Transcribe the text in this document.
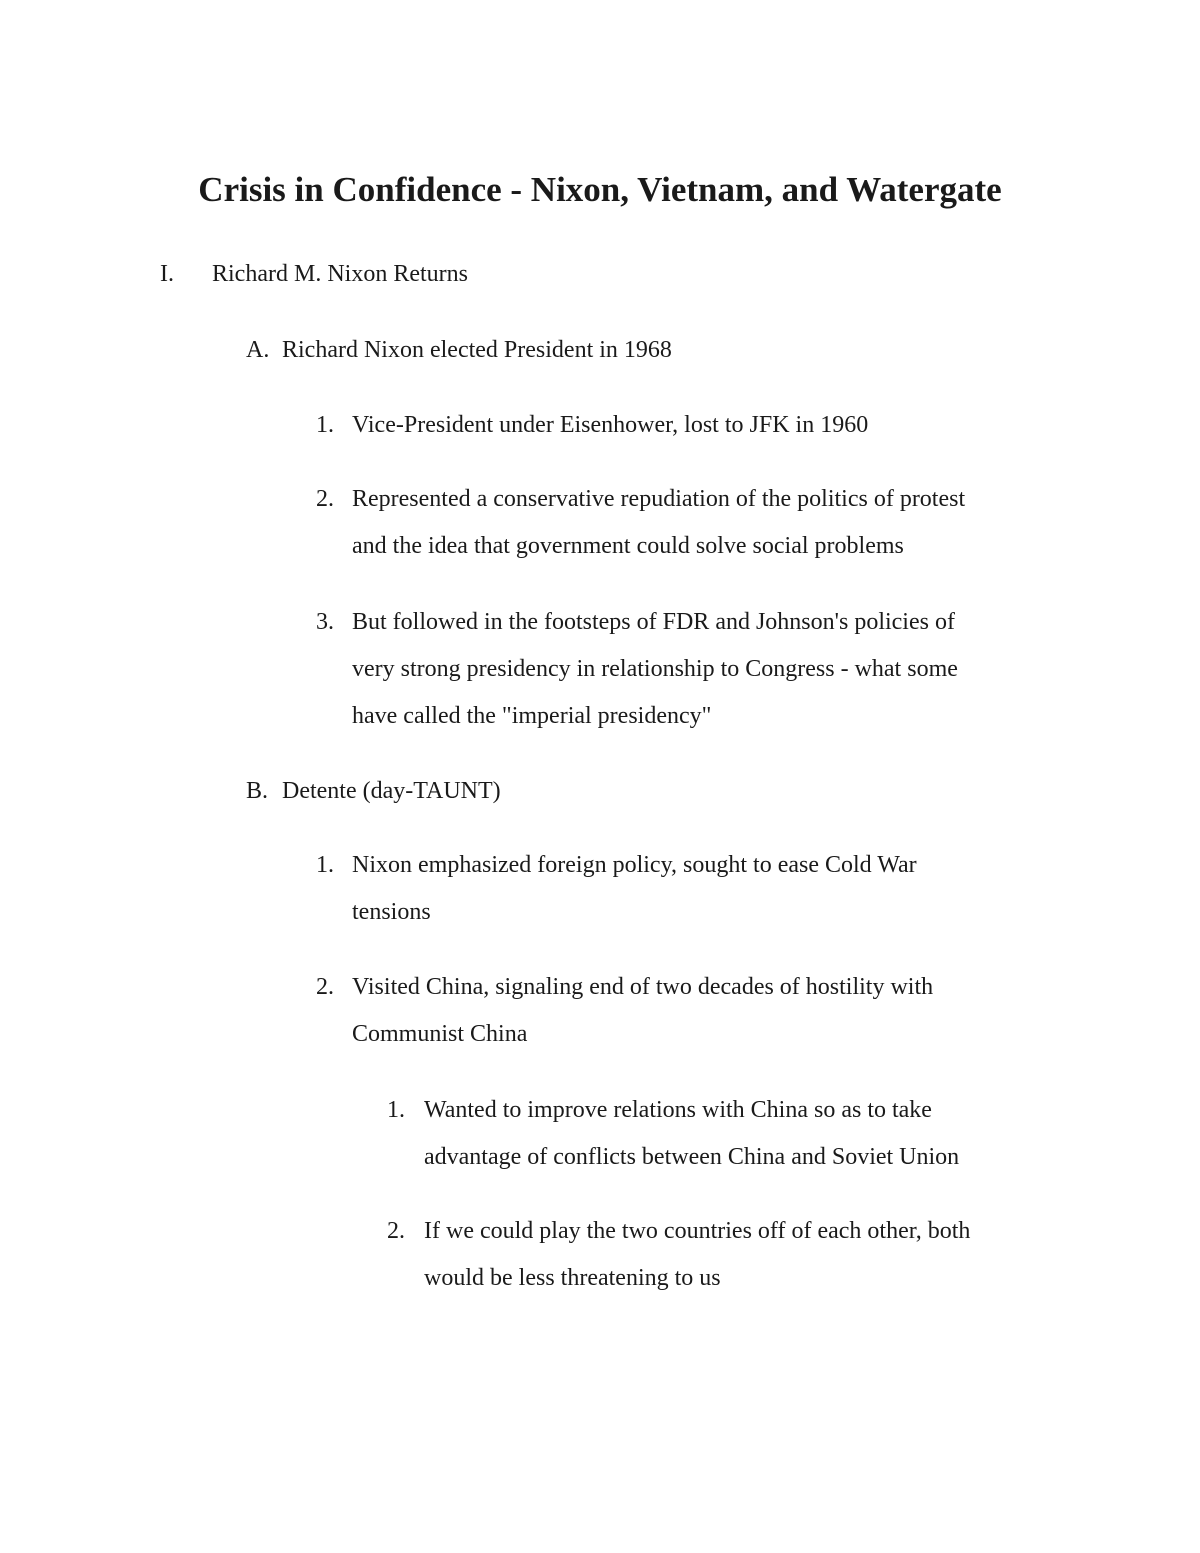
Crisis in Confidence - Nixon, Vietnam, and Watergate
I. Richard M. Nixon Returns
A. Richard Nixon elected President in 1968
1. Vice-President under Eisenhower, lost to JFK in 1960
2. Represented a conservative repudiation of the politics of protest
and the idea that government could solve social problems
3. But followed in the footsteps of FDR and Johnson's policies of
very strong presidency in relationship to Congress - what some
have called the "imperial presidency"
B. Detente (day-TAUNT)
1. Nixon emphasized foreign policy, sought to ease Cold War
tensions
2. Visited China, signaling end of two decades of hostility with
Communist China
1. Wanted to improve relations with China so as to take
advantage of conflicts between China and Soviet Union
2. If we could play the two countries off of each other, both
would be less threatening to us
